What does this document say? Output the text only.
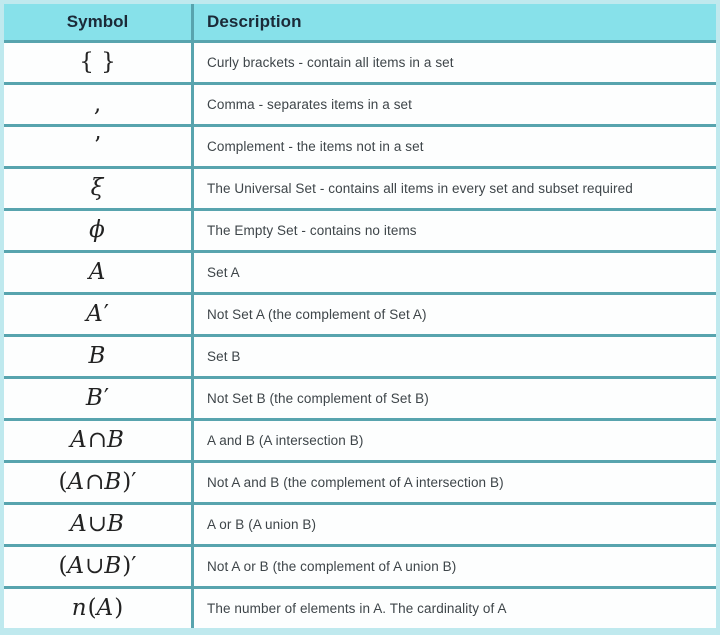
Symbol	Description
{ }	Curly brackets - contain all items in a set
,	Comma - separates items in a set
’	Complement - the items not in a set
ξ	The Universal Set - contains all items in every set and subset required
ϕ	The Empty Set - contains no items
A	Set A
A ′	Not Set A (the complement of Set A)
B	Set B
B ′	Not Set B (the complement of Set B)
A ∩ B	A and B (A intersection B)
( A ∩ B )′	Not A and B (the complement of A intersection B)
A ∪ B	A or B (A union B)
( A ∪ B )′	Not A or B (the complement of A union B)
n ( A )	The number of elements in A. The cardinality of A
